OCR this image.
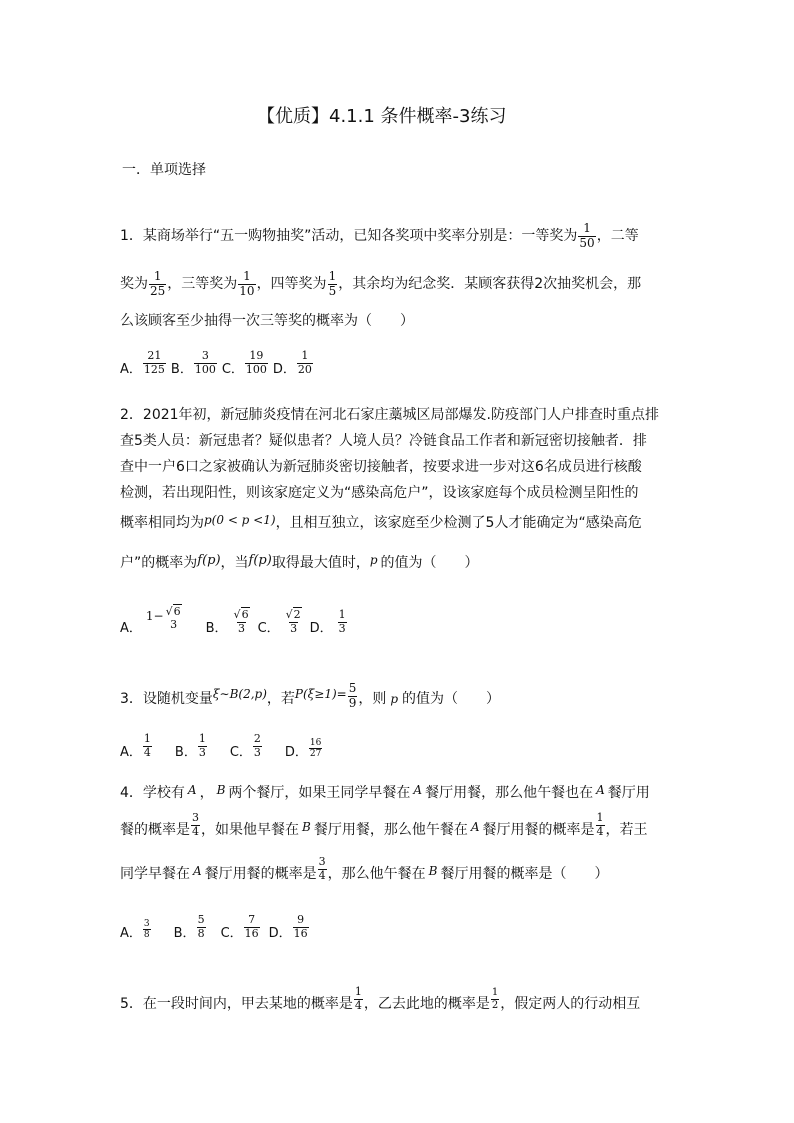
【优质】4.1.1 条件概率-3练习
一．单项选择
1．某商场举行“五一购物抽奖”活动，已知各奖项中奖率分别是：一等奖为 $\frac{1}{50}$ ，二等
奖为 $\frac{1}{25}$ ，三等奖为 $\frac{1}{10}$ ，四等奖为 $\frac{1}{5}$ ，其余均为纪念奖．某顾客获得2次抽奖机会，那
么该顾客至少抽得一次三等奖的概率为（　　）
A． $\frac{21}{125}$ B． $\frac{3}{100}$ C． $\frac{19}{100}$ D． $\frac{1}{20}$
2．2021年初，新冠肺炎疫情在河北石家庄藁城区局部爆发.防疫部门人户排查时重点排
查5类人员：新冠患者？疑似患者？人境人员？冷链食品工作者和新冠密切接触者．排
查中一户6口之家被确认为新冠肺炎密切接触者，按要求进一步对这6名成员进行核酸
检测，若出现阳性，则该家庭定义为“感染高危户”，设该家庭每个成员检测呈阳性的
概率相同均为 p(0 < p <1) ，且相互独立，该家庭至少检测了5人才能确定为“感染高危
户”的概率为 f(p) ，当 f(p) 取得最大值时， p 的值为（　　）
A．
1− √6
3 B． $\frac{√6}{3}$ C． $\frac{√2}{3}$ D． $\frac{1}{3}$
3．设随机变量 ξ∼B(2,p) ，若 $P(\xi\ge 1)= \frac{5}{9}$ ，则 p 的值为（　　）
A． $\frac{1}{4}$ B． $\frac{1}{3}$ C． $\frac{2}{3}$ D． $\frac{16}{27}$
4．学校有 A ， B 两个餐厅，如果王同学早餐在 A 餐厅用餐，那么他午餐也在 A 餐厅用
餐的概率是 $\frac{3}{4}$ ，如果他早餐在 B 餐厅用餐，那么他午餐在 A 餐厅用餐的概率是 $\frac{1}{4}$ ，若王
同学早餐在 A 餐厅用餐的概率是 $\frac{3}{4}$ ，那么他午餐在 B 餐厅用餐的概率是（　　）
A． $\frac{3}{8}$ B． $\frac{5}{8}$ C． $\frac{7}{16}$ D． $\frac{9}{16}$
5．在一段时间内，甲去某地的概率是 $\frac{1}{4}$ ，乙去此地的概率是 $\frac{1}{2}$ ，假定两人的行动相互
